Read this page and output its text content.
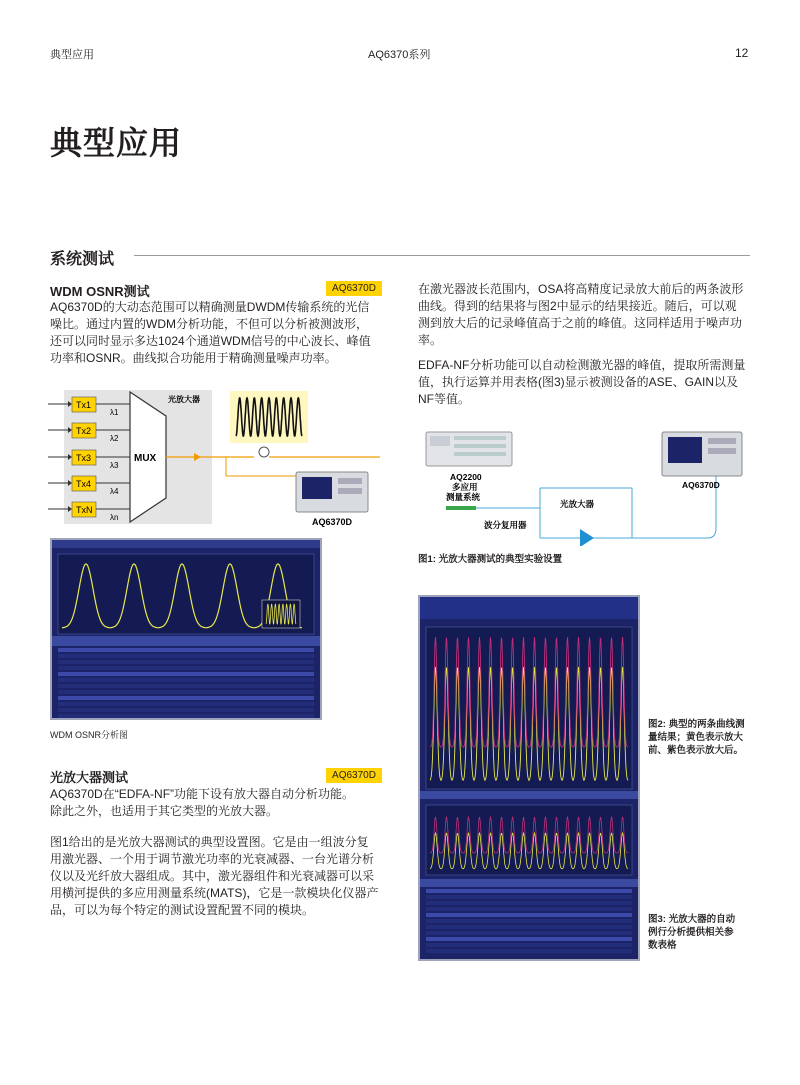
典型应用	AQ6370系列	12
典型应用
系统测试
WDM OSNR测试	AQ6370D
AQ6370D的大动态范围可以精确测量DWDM传输系统的光信
噪比。通过内置的WDM分析功能，不但可以分析被测波形，
还可以同时显示多达1024个通道WDM信号的中心波长、峰值
功率和OSNR。曲线拟合功能用于精确测量噪声功率。
Tx1
Tx2
Tx3
Tx4
TxN
λ1
λ2
λ3
λ4
λn
MUX
光放大器
AQ6370D
WDM OSNR分析图
光放大器测试	AQ6370D
AQ6370D在“EDFA-NF”功能下设有放大器自动分析功能。
除此之外，也适用于其它类型的光放大器。
图1给出的是光放大器测试的典型设置图。它是由一组波分复
用激光器、一个用于调节激光功率的光衰减器、一台光谱分析
仪以及光纤放大器组成。其中，激光器组件和光衰减器可以采
用横河提供的多应用测量系统(MATS)，它是一款模块化仪器产
品，可以为每个特定的测试设置配置不同的模块。
在激光器波长范围内，OSA将高精度记录放大前后的两条波形
曲线。得到的结果将与图2中显示的结果接近。随后，可以观
测到放大后的记录峰值高于之前的峰值。这同样适用于噪声功
率。
EDFA-NF分析功能可以自动检测激光器的峰值，提取所需测量
值，执行运算并用表格(图3)显示被测设备的ASE、GAIN以及
NF等值。
AQ2200
多应用
测量系统
光放大器
波分复用器
AQ6370D
图1: 光放大器测试的典型实验设置
图2: 典型的两条曲线测
量结果；黄色表示放大
前、紫色表示放大后。
图3: 光放大器的自动
例行分析提供相关参
数表格
